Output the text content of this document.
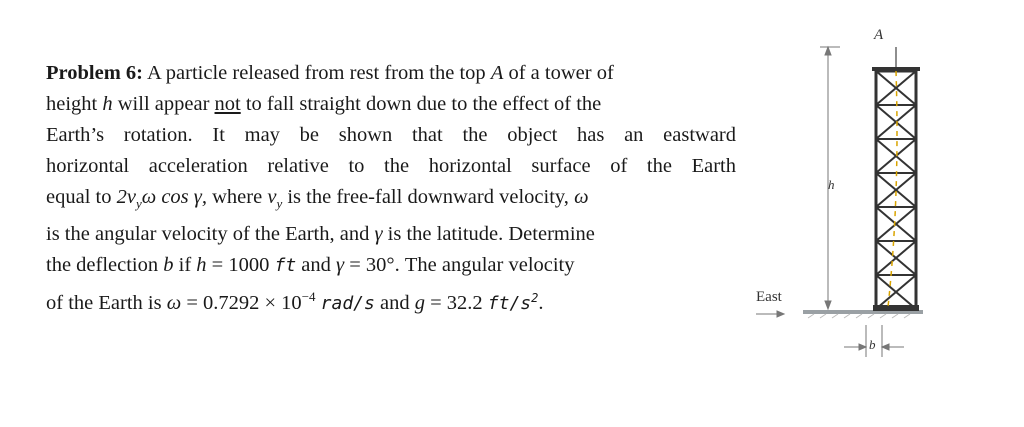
Problem 6: A particle released from rest from the top A of a tower of
height h will appear not to fall straight down due to the effect of the
Earth’s rotation. It may be shown that the object has an eastward
horizontal acceleration relative to the horizontal surface of the Earth
equal to $2v_y\omega$ cos γ, where $v_y$ is the free-fall downward velocity, ω
is the angular velocity of the Earth, and γ is the latitude. Determine
the deflection b if h = 1000 ft and γ = 30°. The angular velocity
of the Earth is $\omega = 0.7292 \times 10^{-4}$ rad/s and g = 32.2 $ft/s^2$.
A
h
East
b
